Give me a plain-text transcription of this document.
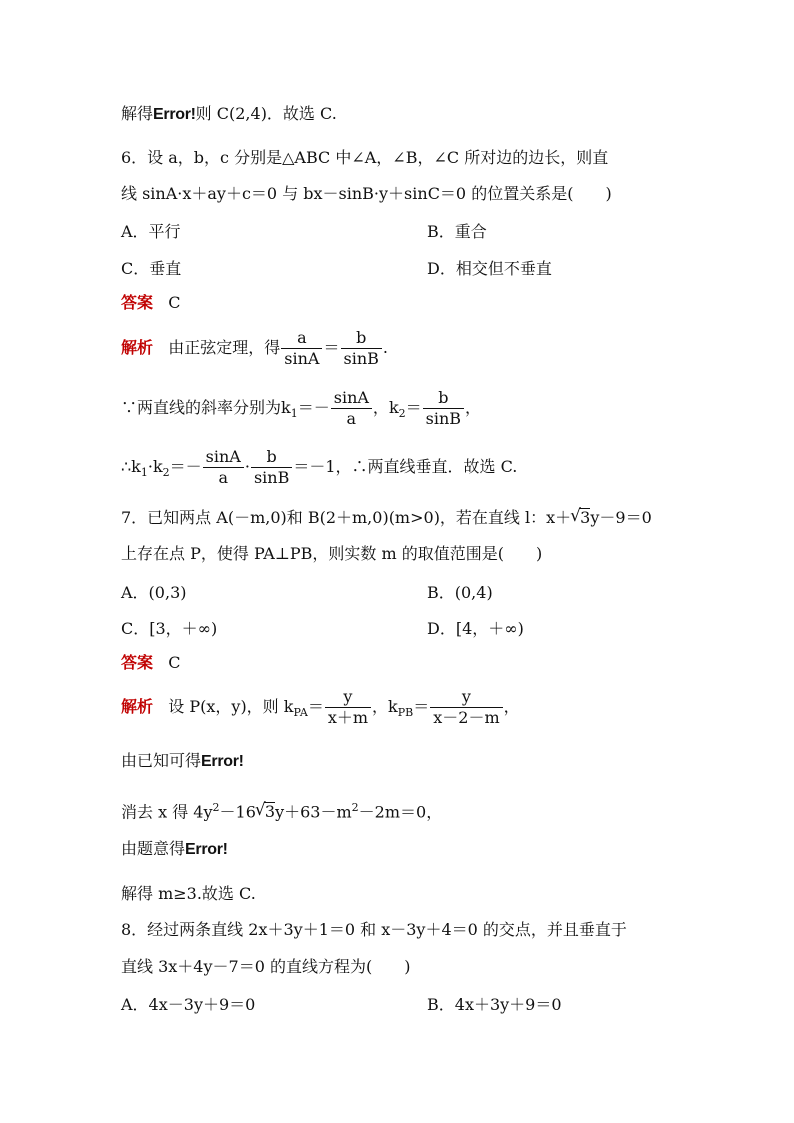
解得Error!则 C(2,4)．故选 C.
6．设 a，b，c 分别是△ABC 中∠A，∠B，∠C 所对边的边长，则直
线 sinA·x＋ay＋c＝0 与 bx－sinB·y＋sinC＝0 的位置关系是(　　)
A．平行	B．重合
C．垂直	D．相交但不垂直
答案 C
解析 由正弦定理，得 $\frac{a}{\sin A} = \frac{b}{\sin B}$ .
∵两直线的斜率分别为$k_1=- \frac{\sin A}{a}$ ，$k_2= \frac{b}{\sin B}$ ，
$\therefore k_1\cdot k_2=- \frac{\sin A}{a} \cdot \frac{b}{\sin B} =-1$，∴两直线垂直．故选 C.
7．已知两点 A(－m,0)和 B(2＋m,0)(m>0)，若在直线 l：x＋√ 3y－9＝0
上存在点 P，使得 PA⊥PB，则实数 m 的取值范围是(　　)
A．(0,3)	B．(0,4)
C．[3，＋∞)	D．[4，＋∞)
答案 C
解析 设 P(x，y)，则 $k_{PA}= \frac{y}{x+m}$ ，$k_{PB}= \frac{y}{x-2-m}$ ，
由已知可得Error!
消去 x 得 $4y^2-16√$ $3y+63-m^2-2m=0$，
由题意得Error!
解得 m≥3.故选 C.
8．经过两条直线 2x＋3y＋1＝0 和 x－3y＋4＝0 的交点，并且垂直于
直线 3x＋4y－7＝0 的直线方程为(　　)
A．4x－3y＋9＝0	B．4x＋3y＋9＝0
